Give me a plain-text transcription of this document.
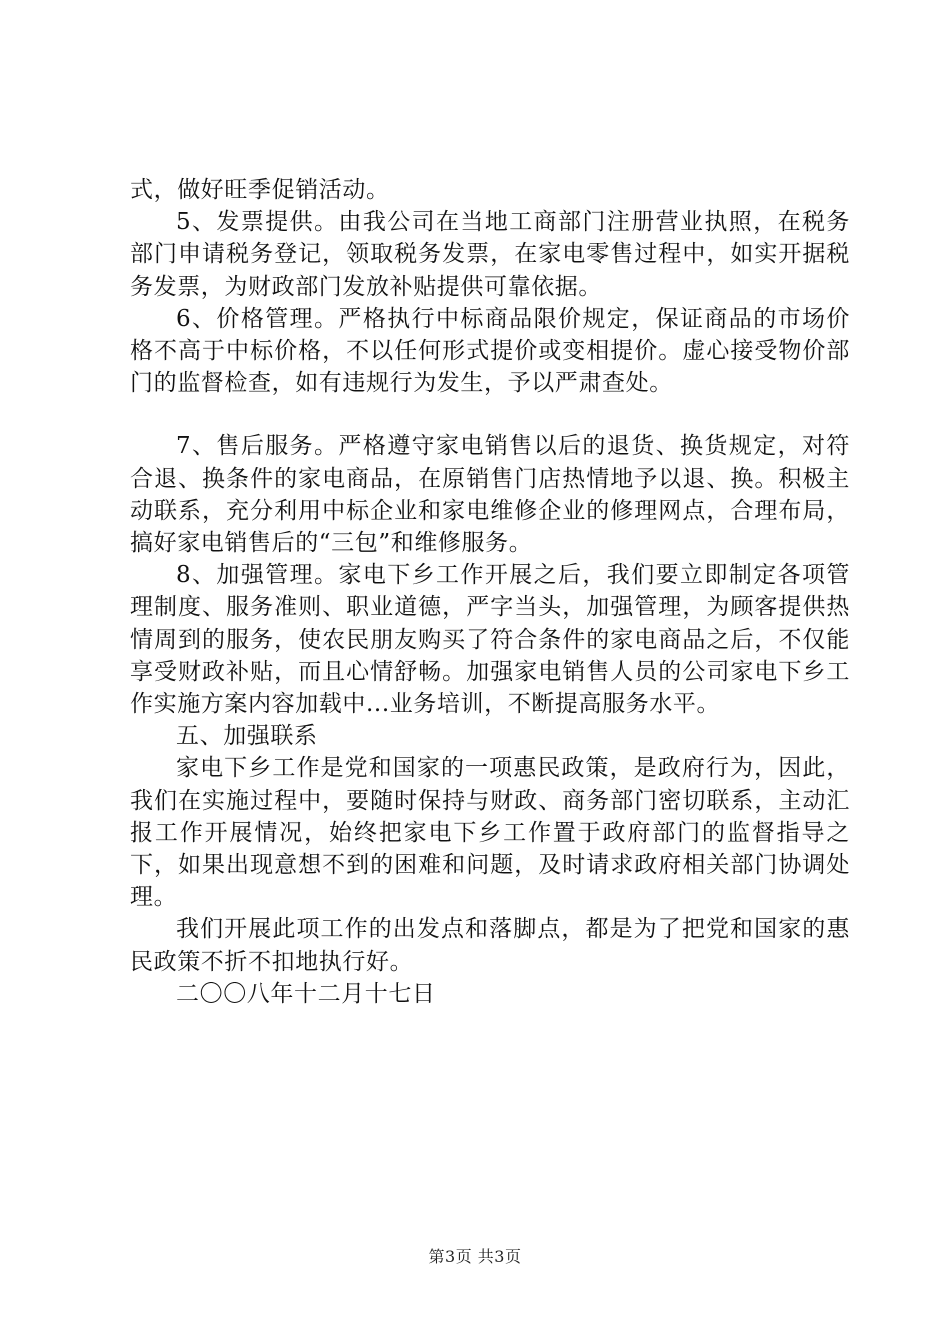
式，做好旺季促销活动。

5、发票提供。由我公司在当地工商部门注册营业执照，在税务部门申请税务登记，领取税务发票，在家电零售过程中，如实开据税务发票，为财政部门发放补贴提供可靠依据。

6、价格管理。严格执行中标商品限价规定，保证商品的市场价格不高于中标价格，不以任何形式提价或变相提价。虚心接受物价部门的监督检查，如有违规行为发生，予以严肃查处。

7、售后服务。严格遵守家电销售以后的退货、换货规定，对符合退、换条件的家电商品，在原销售门店热情地予以退、换。积极主动联系，充分利用中标企业和家电维修企业的修理网点，合理布局，搞好家电销售后的“三包”和维修服务。

8、加强管理。家电下乡工作开展之后，我们要立即制定各项管理制度、服务准则、职业道德，严字当头，加强管理，为顾客提供热情周到的服务，使农民朋友购买了符合条件的家电商品之后，不仅能享受财政补贴，而且心情舒畅。加强家电销售人员的公司家电下乡工作实施方案内容加载中...业务培训，不断提高服务水平。

五、加强联系

家电下乡工作是党和国家的一项惠民政策，是政府行为，因此，我们在实施过程中，要随时保持与财政、商务部门密切联系，主动汇报工作开展情况，始终把家电下乡工作置于政府部门的监督指导之下，如果出现意想不到的困难和问题，及时请求政府相关部门协调处理。

我们开展此项工作的出发点和落脚点，都是为了把党和国家的惠民政策不折不扣地执行好。

二〇〇八年十二月十七日

第3页 共3页
